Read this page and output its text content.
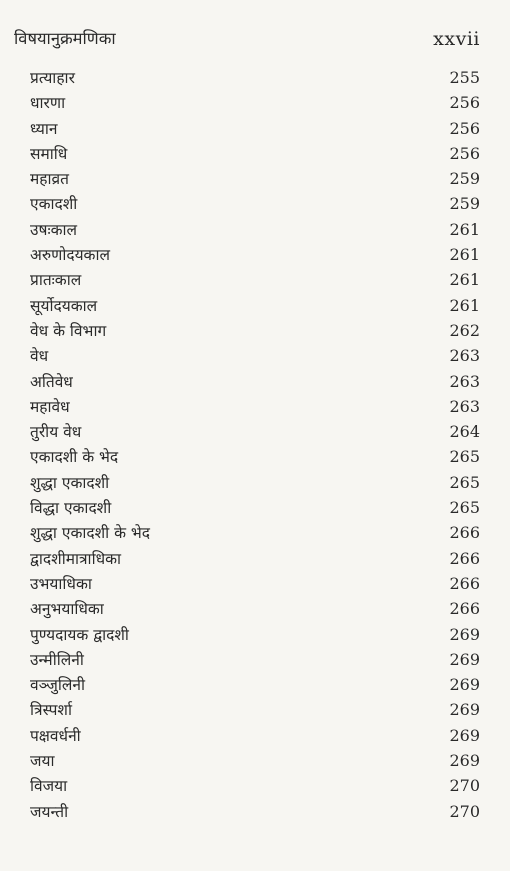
विषयानुक्रमणिका	xxvii
प्रत्याहार	255
धारणा	256
ध्यान	256
समाधि	256
महाव्रत	259
एकादशी	259
उषःकाल	261
अरुणोदयकाल	261
प्रातःकाल	261
सूर्योदयकाल	261
वेध के विभाग	262
वेध	263
अतिवेध	263
महावेध	263
तुरीय वेध	264
एकादशी के भेद	265
शुद्धा एकादशी	265
विद्धा एकादशी	265
शुद्धा एकादशी के भेद	266
द्वादशीमात्राधिका	266
उभयाधिका	266
अनुभयाधिका	266
पुण्यदायक द्वादशी	269
उन्मीलिनी	269
वञ्जुलिनी	269
त्रिस्पर्शा	269
पक्षवर्धनी	269
जया	269
विजया	270
जयन्ती	270
